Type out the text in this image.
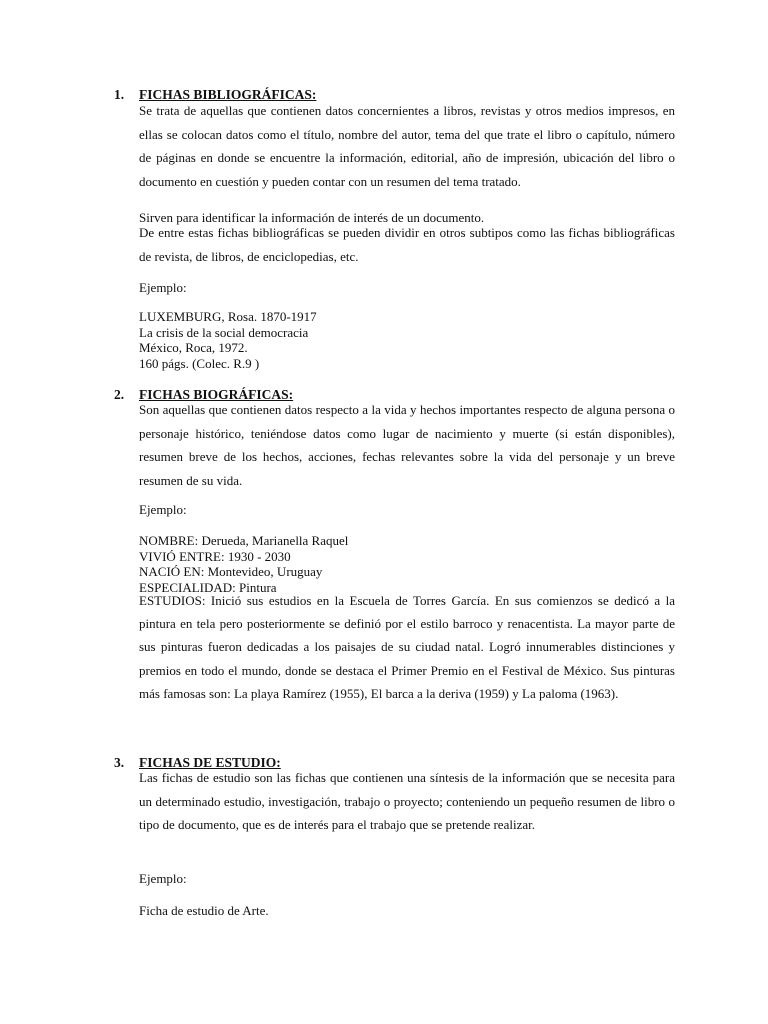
1. FICHAS BIBLIOGRÁFICAS:
Se trata de aquellas que contienen datos concernientes a libros, revistas y otros medios impresos, en ellas se colocan datos como el título, nombre del autor, tema del que trate el libro o capítulo, número de páginas en donde se encuentre la información, editorial, año de impresión, ubicación del libro o documento en cuestión y pueden contar con un resumen del tema tratado.
Sirven para identificar la información de interés de un documento.
De entre estas fichas bibliográficas se pueden dividir en otros subtipos como las fichas bibliográficas de revista, de libros, de enciclopedias, etc.
Ejemplo:
LUXEMBURG, Rosa. 1870-1917
La crisis de la social democracia
México, Roca, 1972.
160 págs. (Colec. R.9 )
2. FICHAS BIOGRÁFICAS:
Son aquellas que contienen datos respecto a la vida y hechos importantes respecto de alguna persona o personaje histórico, teniéndose datos como lugar de nacimiento y muerte (si están disponibles), resumen breve de los hechos, acciones, fechas relevantes sobre la vida del personaje y un breve resumen de su vida.
Ejemplo:
NOMBRE: Derueda, Marianella Raquel
VIVIÓ ENTRE: 1930 - 2030
NACIÓ EN: Montevideo, Uruguay
ESPECIALIDAD: Pintura
ESTUDIOS: Inició sus estudios en la Escuela de Torres García. En sus comienzos se dedicó a la pintura en tela pero posteriormente se definió por el estilo barroco y renacentista. La mayor parte de sus pinturas fueron dedicadas a los paisajes de su ciudad natal. Logró innumerables distinciones y premios en todo el mundo, donde se destaca el Primer Premio en el Festival de México. Sus pinturas más famosas son: La playa Ramírez (1955), El barca a la deriva (1959) y La paloma (1963).
3. FICHAS DE ESTUDIO:
Las fichas de estudio son las fichas que contienen una síntesis de la información que se necesita para un determinado estudio, investigación, trabajo o proyecto; conteniendo un pequeño resumen de libro o tipo de documento, que es de interés para el trabajo que se pretende realizar.
Ejemplo:
Ficha de estudio de Arte.
